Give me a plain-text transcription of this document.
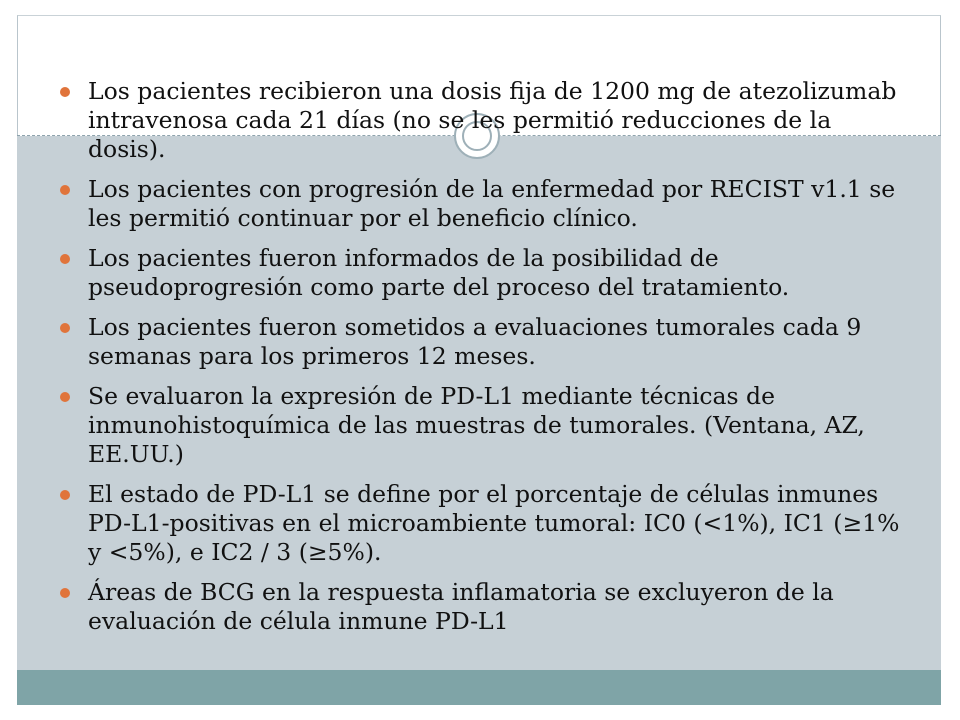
Los pacientes recibieron una dosis fija de 1200 mg de atezolizumab intravenosa cada 21 días (no se les permitió reducciones de la dosis).
Los pacientes con progresión de la enfermedad por RECIST v1.1 se les permitió continuar por el beneficio clínico.
Los pacientes fueron informados de la posibilidad de pseudoprogresión como parte del proceso del tratamiento.
Los pacientes fueron sometidos a evaluaciones tumorales cada 9 semanas para los primeros 12 meses.
Se evaluaron la expresión de PD-L1 mediante técnicas de inmunohistoquímica de las muestras de tumorales. (Ventana, AZ, EE.UU.)
El estado de PD-L1 se define por el porcentaje de células inmunes PD-L1-positivas en el microambiente tumoral: IC0 (<1%), IC1 (≥1% y <5%), e IC2 / 3 (≥5%).
Áreas de BCG en la respuesta inflamatoria se excluyeron de la evaluación de célula inmune PD-L1
